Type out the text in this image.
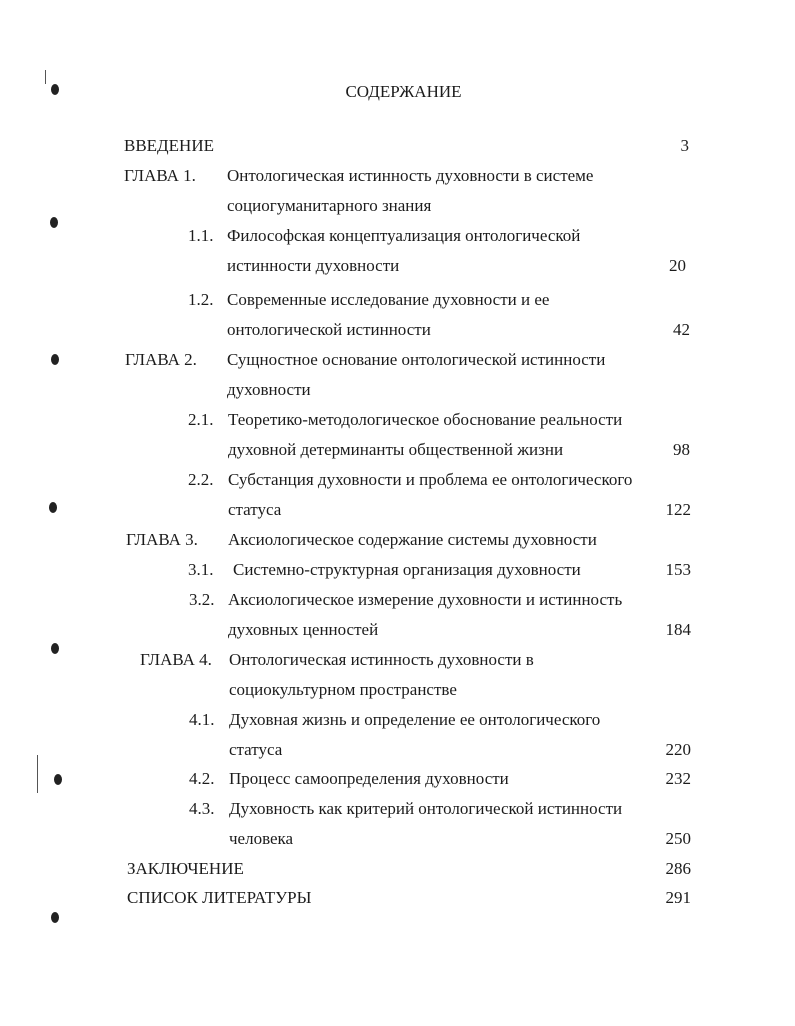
СОДЕРЖАНИЕ
ВВЕДЕНИЕ	3
ГЛАВА 1. Онтологическая истинность духовности в системе
социогуманитарного знания
1.1. Философская концептуализация онтологической
истинности духовности	20
1.2. Современные исследование духовности и ее
онтологической истинности	42
ГЛАВА 2. Сущностное основание онтологической истинности
духовности
2.1. Теоретико-методологическое обоснование реальности
духовной детерминанты общественной жизни	98
2.2. Субстанция духовности и проблема ее онтологического
статуса	122
ГЛАВА 3. Аксиологическое содержание системы духовности
3.1. Системно-структурная организация духовности	153
3.2. Аксиологическое измерение духовности и истинность
духовных ценностей	184
ГЛАВА 4. Онтологическая истинность духовности в
социокультурном пространстве
4.1. Духовная жизнь и определение ее онтологического
статуса	220
4.2. Процесс самоопределения духовности	232
4.3. Духовность как критерий онтологической истинности
человека	250
ЗАКЛЮЧЕНИЕ	286
СПИСОК ЛИТЕРАТУРЫ	291
